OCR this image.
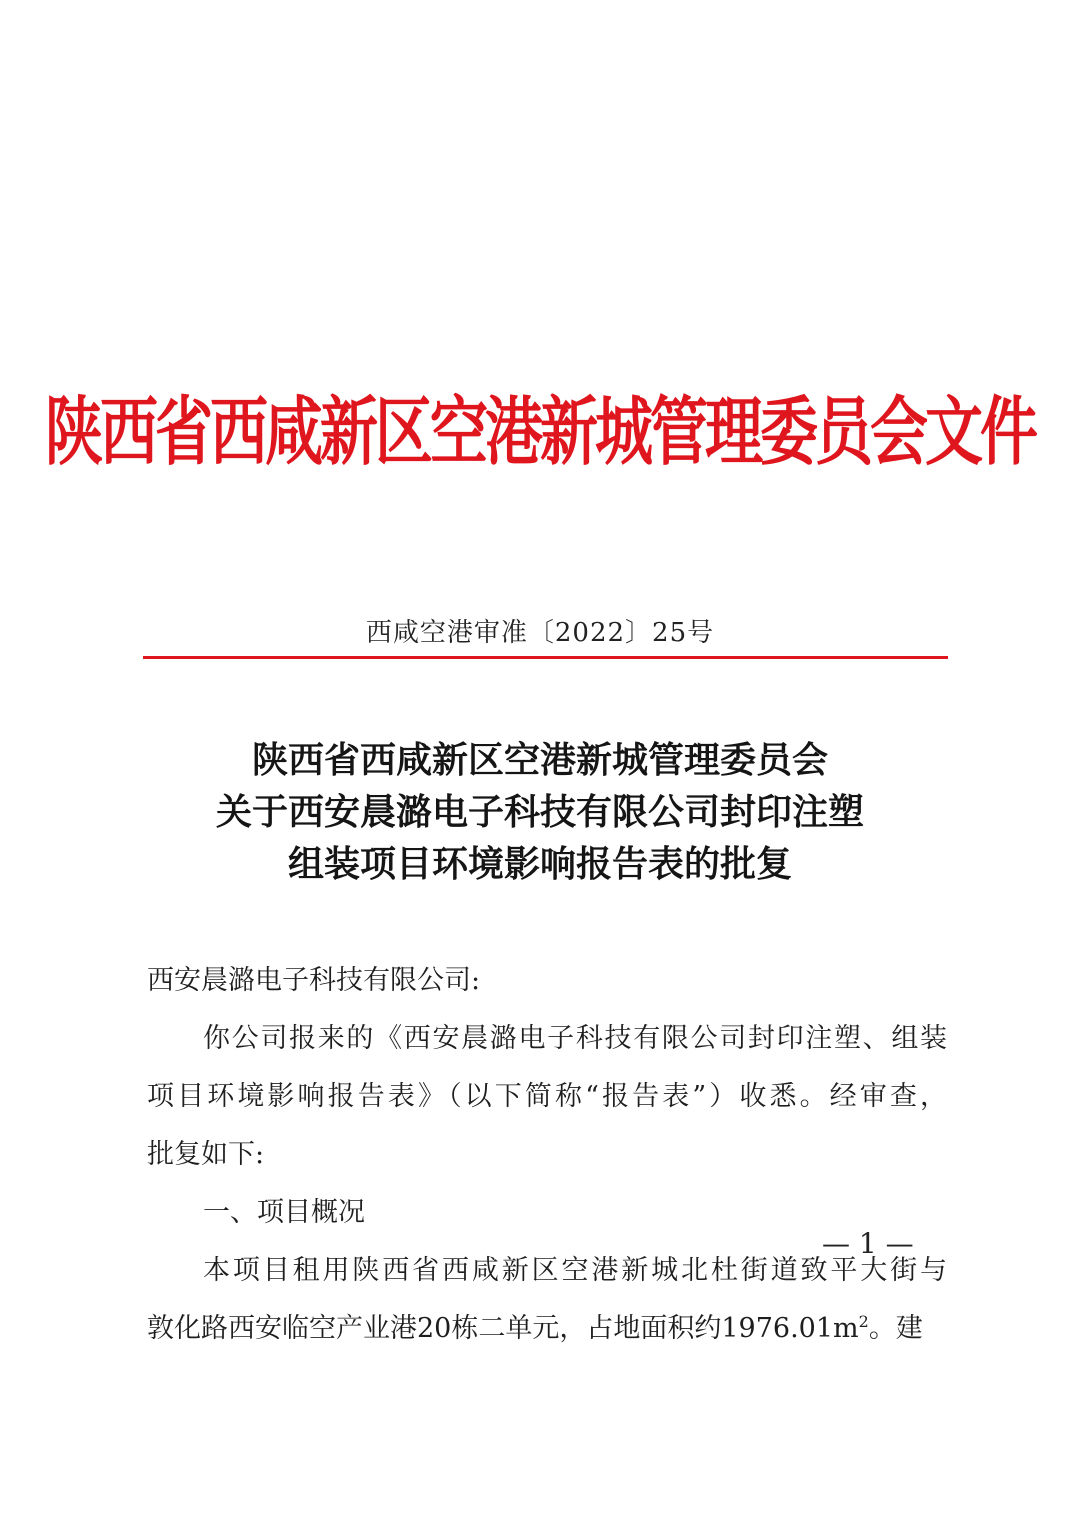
陕西省西咸新区空港新城管理委员会文件
西咸空港审准〔2022〕25号
陕西省西咸新区空港新城管理委员会
关于西安晨潞电子科技有限公司封印注塑
组装项目环境影响报告表的批复
西安晨潞电子科技有限公司:
你公司报来的《西安晨潞电子科技有限公司封印注塑、组装
项目环境影响报告表》（以下简称“报告表”）收悉。经审查，
批复如下:
一、项目概况
本项目租用陕西省西咸新区空港新城北杜街道致平大街与
敦化路西安临空产业港20栋二单元，占地面积约$1976.01m^2$。建
— 1 —
